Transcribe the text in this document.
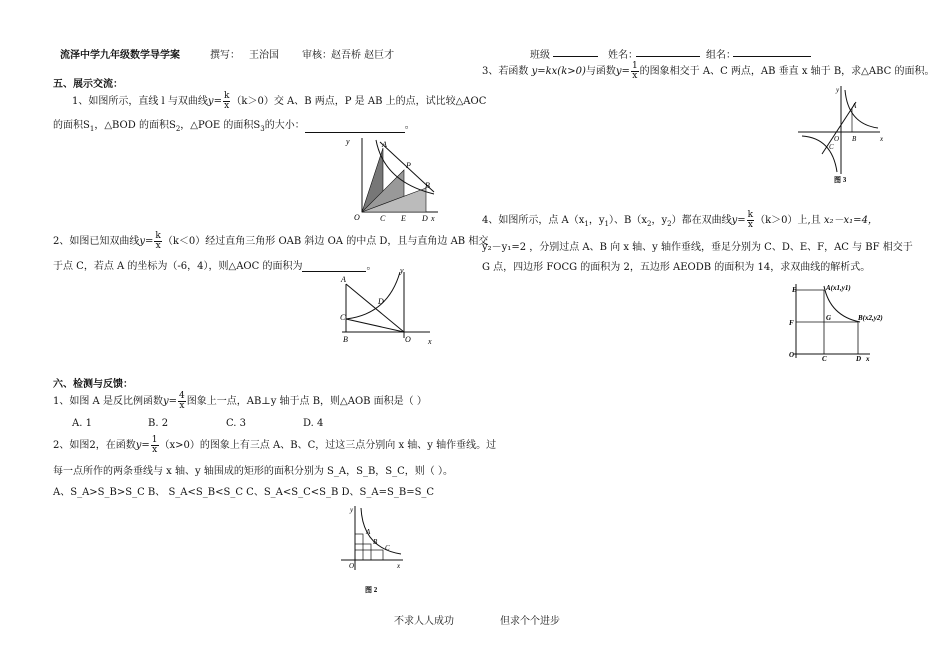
流泽中学九年级数学导学案	撰写： 王治国 审核： 赵吾桥 赵巨才	班级	姓名：	组名：
五、展示交流：
1、如图所示，直线 l 与双曲线$y= \frac{k}{x} (k>0)$交 A、B 两点，P 是 AB 上的点，试比较△AOC
的面积$S_1$，△BOD 的面积$S_2$，△POE 的面积$S_3$的大小：	。
y	A
P
B
O	C E D x
2、如图已知双曲线$y= \frac{k}{x} (k<0)$经过直角三角形 OAB 斜边 OA 的中点 D，且与直角边 AB 相交
于点 C，若点 A 的坐标为（-6，4），则△AOC 的面积为	。	y
A
D
C
B	O x
六、检测与反馈：
1、如图 A 是反比例函数$y= \frac{4}{x}$ 图象上一点，AB⊥y 轴于点 B，则△AOB 面积是（ ）
A. 1	B. 2	C. 3	D. 4
2、如图2，在函数$y= \frac{1}{x} (x>0)$的图象上有三点 A、B、C，过这三点分别向 x 轴、y 轴作垂线。过
每一点所作的两条垂线与 x 轴、y 轴围成的矩形的面积分别为 S_A，S_B，S_C，则（ ）。
A、S_A>S_B>S_C B、 S_A<S_B<S_C C、S_A<S_C<S_B D、S_A=S_B=S_C
y
A
B
C
O	x
图 2
3、若函数 y=kx(k>0)与函数$y= \frac{1}{x}$ 的图象相交于 A、C 两点，AB 垂直 x 轴于 B，求△ABC 的面积。
y
A
B
C
O	x
图 3
4、如图所示，点 $A(x_1$，$y_1$）、$B(x_2$，$y_2$）都在双曲线$y= \frac{k}{x} (k>0)$上,且 x₂－x₁=4，
y₂－y₁=2 ，分别过点 A、B 向 x 轴、y 轴作垂线，垂足分别为 C、D、E、F，AC 与 BF 相交于
G 点，四边形 FOCG 的面积为 2，五边形 AEODB 的面积为 14，求双曲线的解析式。
E	A(x1,y1)
G
F
B(x2,y2)
O	C	D x
不求人人成功	但求个个进步
